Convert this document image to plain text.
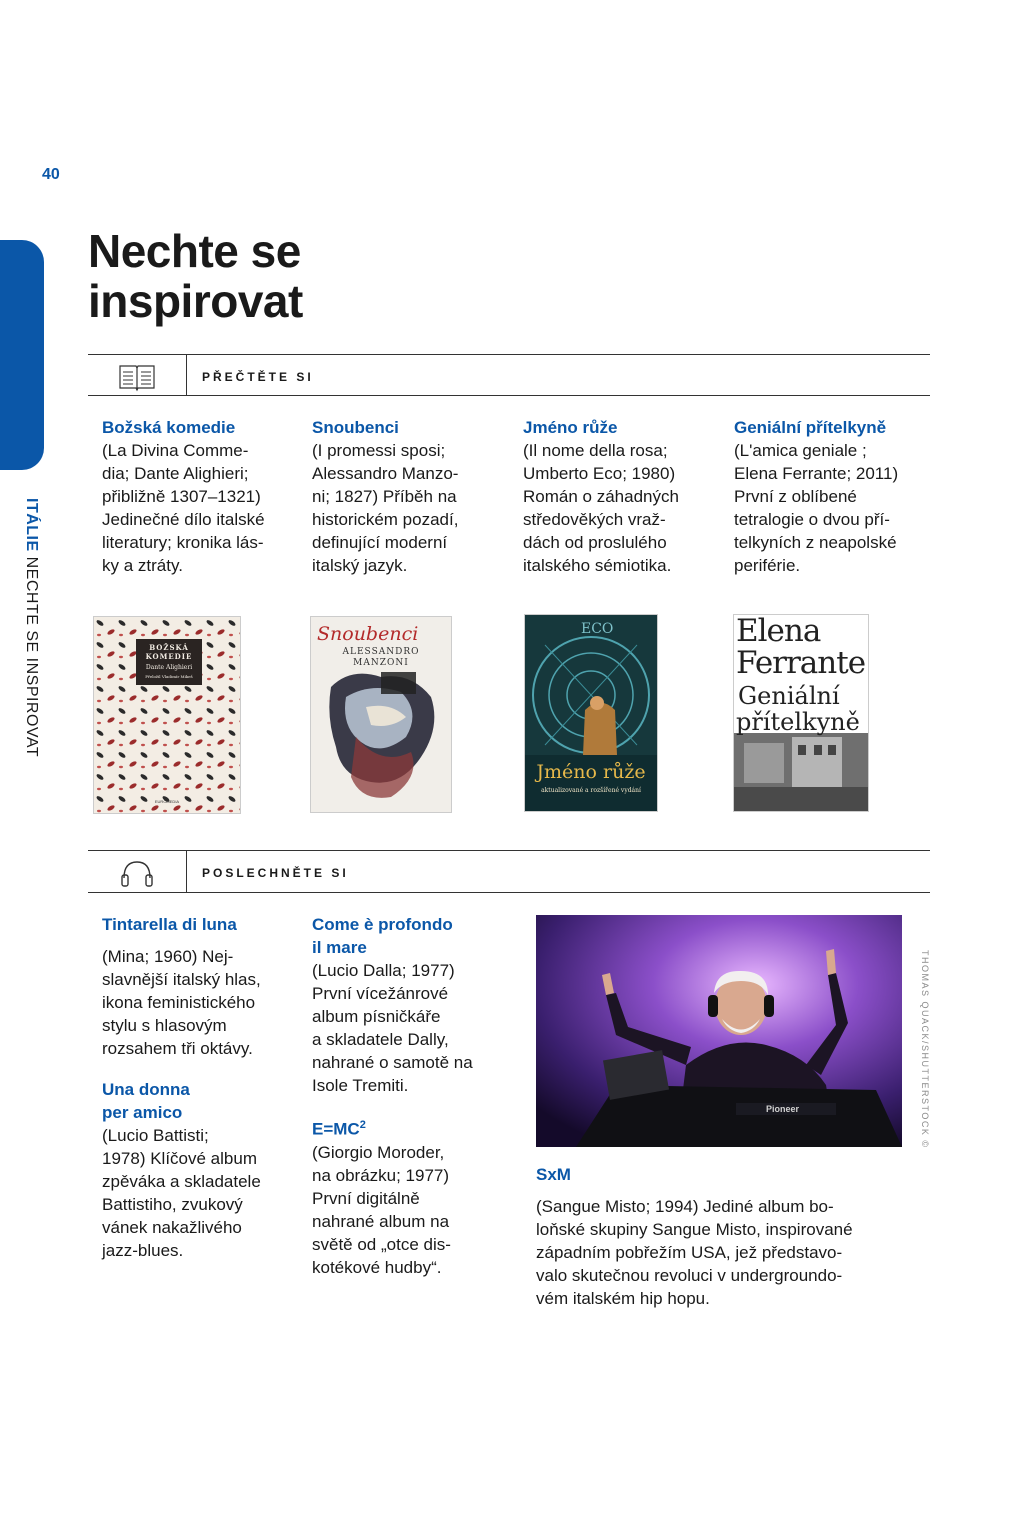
40
ITÁLIE NECHTE SE INSPIROVAT
Nechte se
inspirovat
PŘEČTĚTE SI
Božská komedie
(La Divina Comme-
dia; Dante Alighieri;
přibližně 1307–1321)
Jedinečné dílo italské
literatury; kronika lás-
ky a ztráty.
Snoubenci
(I promessi sposi;
Alessandro Manzo-
ni; 1827) Příběh na
historickém pozadí,
definující moderní
italský jazyk.
Jméno růže
(Il nome della rosa;
Umberto Eco; 1980)
Román o záhadných
středověkých vraž-
dách od proslulého
italského sémiotika.
Geniální přítelkyně
(L'amica geniale ;
Elena Ferrante; 2011)
První z oblíbené
tetralogie o dvou pří-
telkyních z neapolské
periférie.
BOŽSKÁ
KOMEDIE
Dante Alighieri
Přeložil Vladimír Mikeš
EUROMEDIA
Snoubenci
ALESSANDRO
MANZONI
ECO
Jméno růže
aktualizované a rozšířené vydání
Elena
Ferrante
Geniální
přítelkyně
POSLECHNĚTE SI
Tintarella di luna
(Mina; 1960) Nej-
slavnější italský hlas,
ikona feministického
stylu s hlasovým
rozsahem tři oktávy.
Una donna
per amico
(Lucio Battisti;
1978) Klíčové album
zpěváka a skladatele
Battistiho, zvukový
vánek nakažlivého
jazz-blues.
Come è profondo
il mare
(Lucio Dalla; 1977)
První vícežánrové
album písničkáře
a skladatele Dally,
nahrané o samotě na
Isole Tremiti.
$E=MC^2$
(Giorgio Moroder,
na obrázku; 1977)
První digitálně
nahrané album na
světě od „otce dis-
kotékové hudby“.
Pioneer	THOMAS QUACK/SHUTTERSTOCK ©
SxM
(Sangue Misto; 1994) Jediné album bo-
loňské skupiny Sangue Misto, inspirované
západním pobřežím USA, jež představo-
valo skutečnou revoluci v undergroundo-
vém italském hip hopu.
